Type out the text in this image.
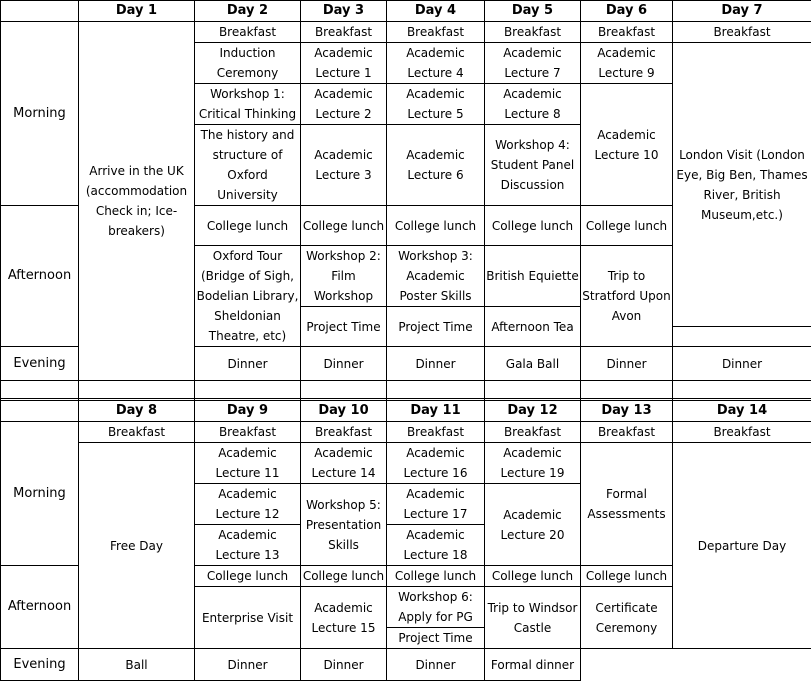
	Day 1	Day 2	Day 3	Day 4	Day 5	Day 6	Day 7
Morning	Arrive in the UK (accommodation Check in; Ice-breakers)	Breakfast	Breakfast	Breakfast	Breakfast	Breakfast	Breakfast
		Induction Ceremony	Academic Lecture 1	Academic Lecture 4	Academic Lecture 7	Academic Lecture 9	London Visit (London Eye, Big Ben, Thames River, British Museum,etc.)

		Workshop 1: Critical Thinking	Academic Lecture 2	Academic Lecture 5	Academic Lecture 8	Academic Lecture 10	

		The history and structure of Oxford University	Academic Lecture 3	Academic Lecture 6	Workshop 4: Student Panel Discussion		

Afternoon		College lunch	College lunch	College lunch	College lunch	College lunch	

		Oxford Tour (Bridge of Sigh, Bodelian Library, Sheldonian Theatre, etc)	Workshop 2: Film Workshop	Workshop 3: Academic Poster Skills	British Equiette	Trip to Stratford Upon Avon	

			Project Time	Project Time	Afternoon Tea		

Evening		Dinner	Dinner	Dinner	Gala Ball	Dinner	Dinner

	Day 8	Day 9	Day 10	Day 11	Day 12	Day 13	Day 14
Morning	Breakfast	Breakfast	Breakfast	Breakfast	Breakfast	Breakfast	Breakfast
	Free Day	Academic Lecture 11	Academic Lecture 14	Academic Lecture 16	Academic Lecture 19	Formal Assessments	Departure Day

		Academic Lecture 12	Workshop 5: Presentation Skills	Academic Lecture 17	Academic Lecture 20		

		Academic Lecture 13		Academic Lecture 18			

Afternoon		College lunch	College lunch	College lunch	College lunch	College lunch	
		Enterprise Visit	Academic Lecture 15	Workshop 6: Apply for PG	Trip to Windsor Castle	Certificate Ceremony	

				Project Time			
Evening	Ball	Dinner	Dinner	Dinner	Formal dinner		
